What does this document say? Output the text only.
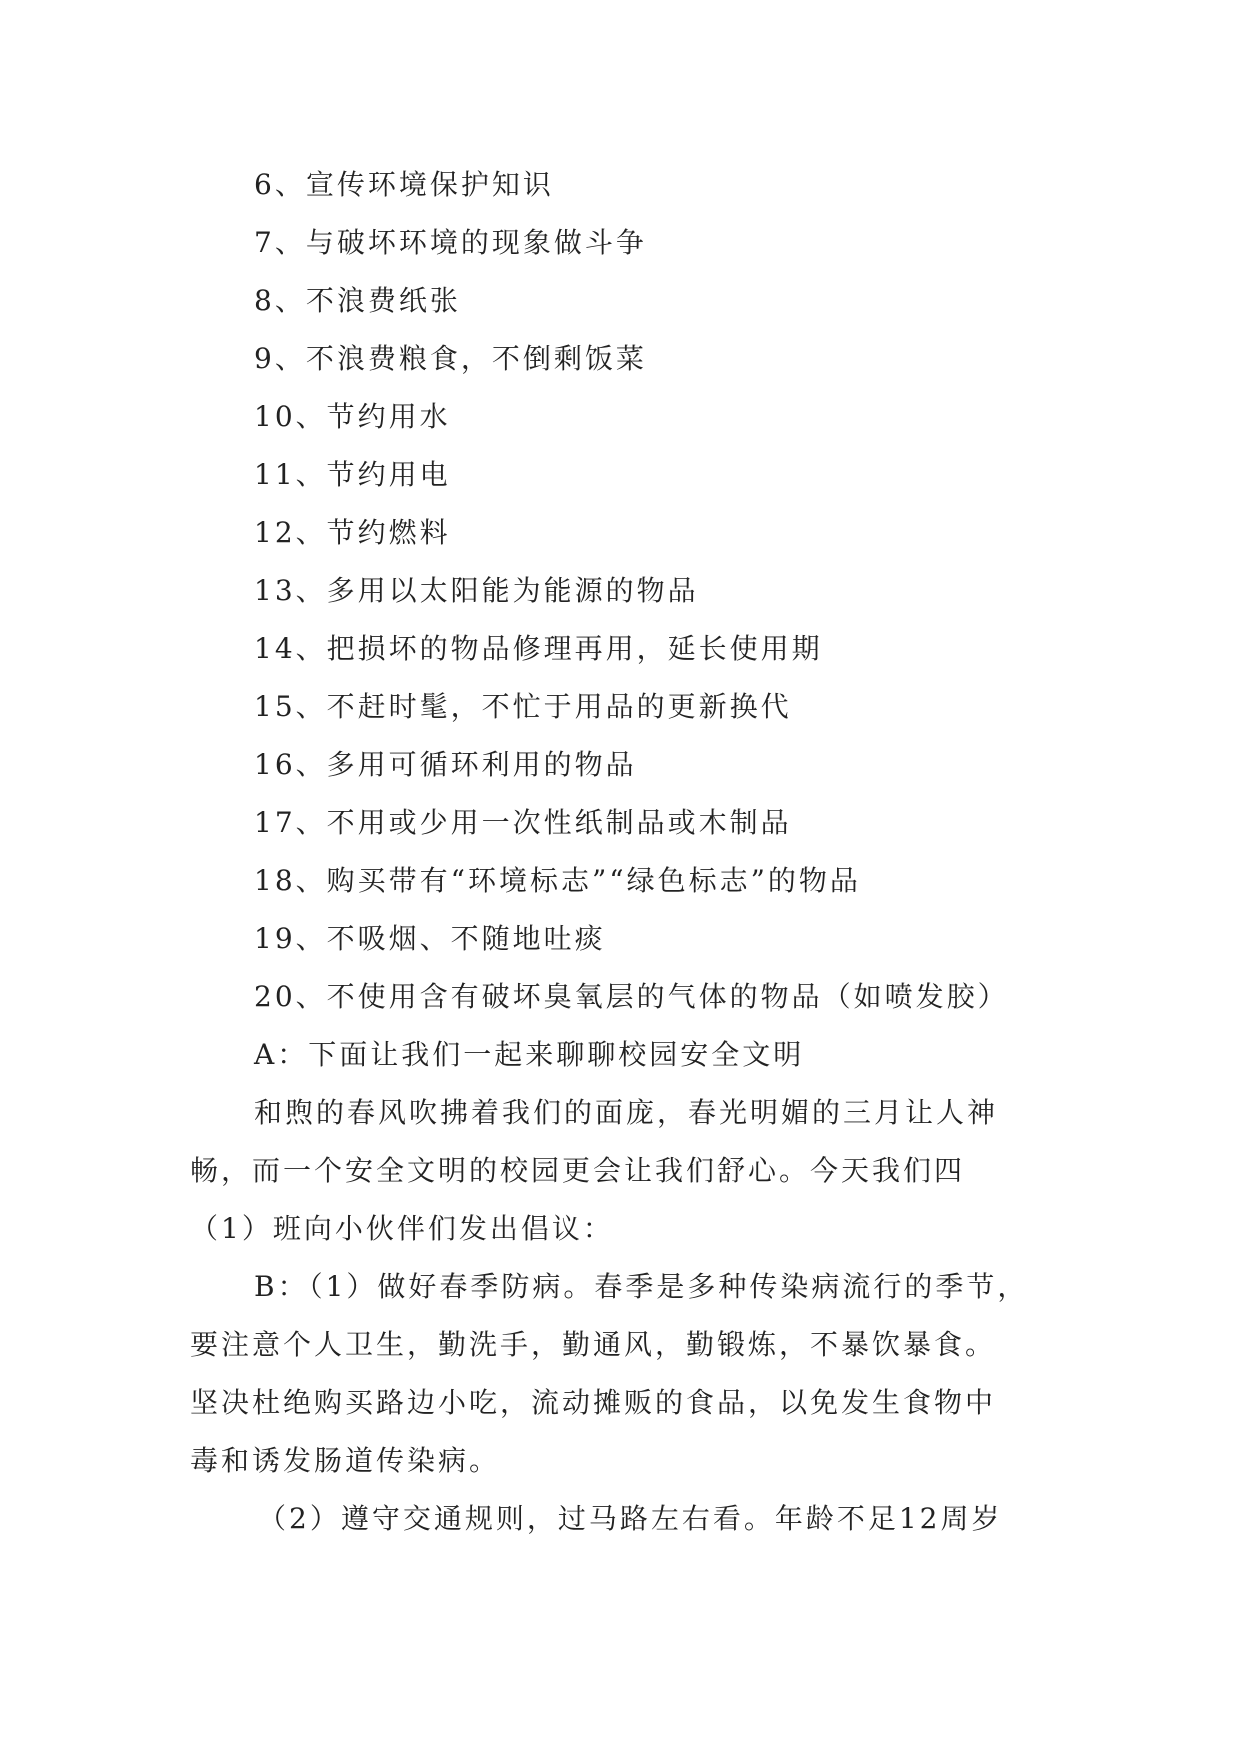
6、宣传环境保护知识
7、与破坏环境的现象做斗争
8、不浪费纸张
9、不浪费粮食，不倒剩饭菜
10、节约用水
11、节约用电
12、节约燃料
13、多用以太阳能为能源的物品
14、把损坏的物品修理再用，延长使用期
15、不赶时髦，不忙于用品的更新换代
16、多用可循环利用的物品
17、不用或少用一次性纸制品或木制品
18、购买带有“环境标志”“绿色标志”的物品
19、不吸烟、不随地吐痰
20、不使用含有破坏臭氧层的气体的物品（如喷发胶）
A：下面让我们一起来聊聊校园安全文明
和煦的春风吹拂着我们的面庞，春光明媚的三月让人神
畅，而一个安全文明的校园更会让我们舒心。今天我们四
（1）班向小伙伴们发出倡议：
B：（1）做好春季防病。春季是多种传染病流行的季节，
要注意个人卫生，勤洗手，勤通风，勤锻炼，不暴饮暴食。
坚决杜绝购买路边小吃，流动摊贩的食品，以免发生食物中
毒和诱发肠道传染病。
（2）遵守交通规则，过马路左右看。年龄不足12周岁
